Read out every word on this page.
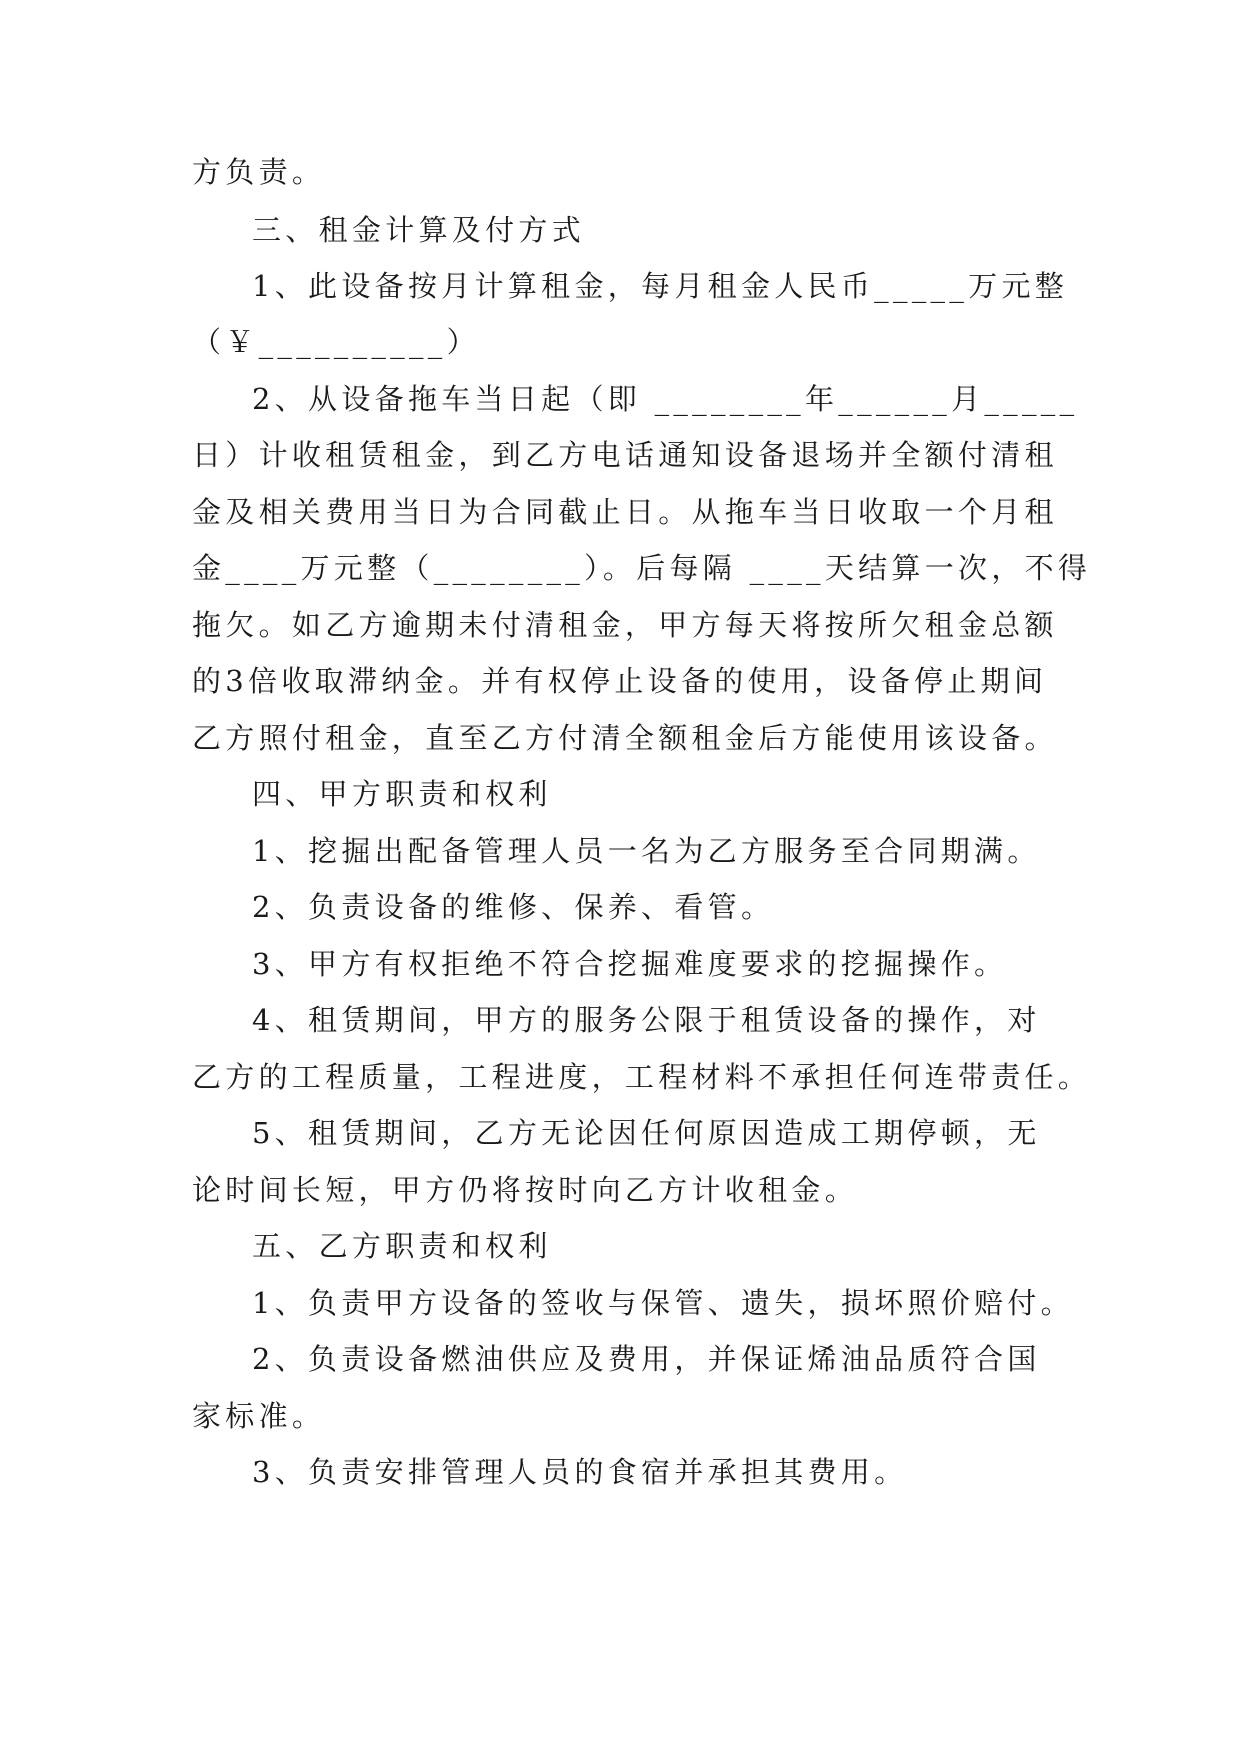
方负责。
三、租金计算及付方式
1、此设备按月计算租金，每月租金人民币_____万元整
（￥__________）
2、从设备拖车当日起（即 ________年______月_____
日）计收租赁租金，到乙方电话通知设备退场并全额付清租
金及相关费用当日为合同截止日。从拖车当日收取一个月租
金____万元整（________）。后每隔 ____天结算一次，不得
拖欠。如乙方逾期未付清租金，甲方每天将按所欠租金总额
的3倍收取滞纳金。并有权停止设备的使用，设备停止期间
乙方照付租金，直至乙方付清全额租金后方能使用该设备。
四、甲方职责和权利
1、挖掘出配备管理人员一名为乙方服务至合同期满。
2、负责设备的维修、保养、看管。
3、甲方有权拒绝不符合挖掘难度要求的挖掘操作。
4、租赁期间，甲方的服务公限于租赁设备的操作，对
乙方的工程质量，工程进度，工程材料不承担任何连带责任。
5、租赁期间，乙方无论因任何原因造成工期停顿，无
论时间长短，甲方仍将按时向乙方计收租金。
五、乙方职责和权利
1、负责甲方设备的签收与保管、遗失，损坏照价赔付。
2、负责设备燃油供应及费用，并保证烯油品质符合国
家标准。
3、负责安排管理人员的食宿并承担其费用。
